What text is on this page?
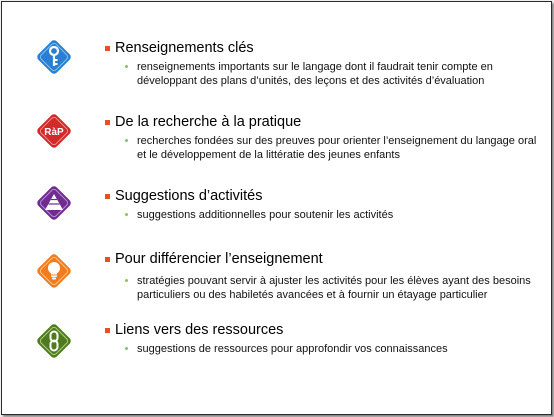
Renseignements clés
renseignements importants sur le langage dont il faudrait tenir compte en développant des plans d’unités, des leçons et des activités d’évaluation
RàP
De la recherche à la pratique
recherches fondées sur des preuves pour orienter l’enseignement du langage oral et le développement de la littératie des jeunes enfants
Suggestions d’activités
suggestions additionnelles pour soutenir les activités
Pour différencier l’enseignement
stratégies pouvant servir à ajuster les activités pour les élèves ayant des besoins particuliers ou des habiletés avancées et à fournir un étayage particulier
Liens vers des ressources
suggestions de ressources pour approfondir vos connaissances
